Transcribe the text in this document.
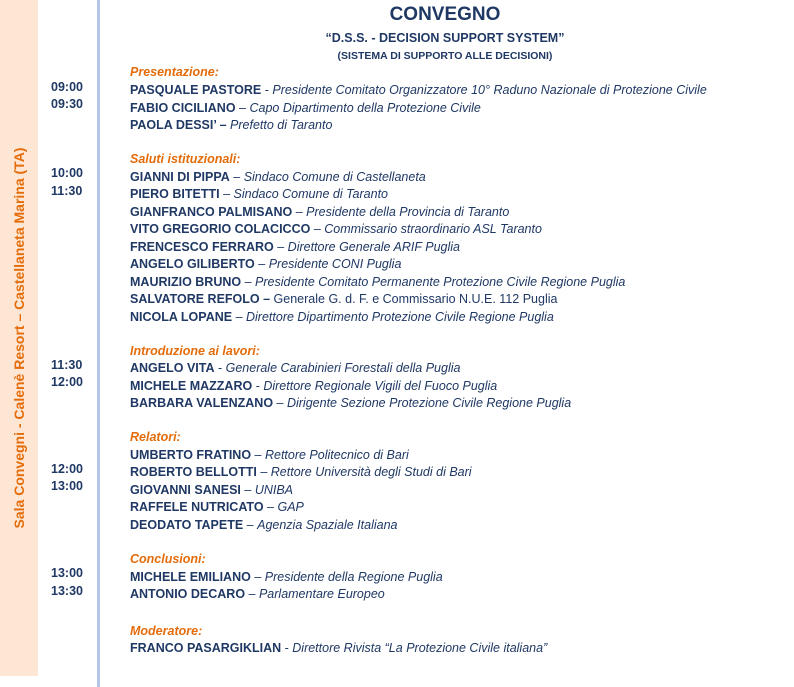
Sala Convegni - Calenè Resort – Castellaneta Marina (TA)
CONVEGNO
“D.S.S. - DECISION SUPPORT SYSTEM”
(SISTEMA DI SUPPORTO ALLE DECISIONI)
09:00
09:30
10:00
11:30
11:30
12:00
12:00
13:00
13:00
13:30
Presentazione:
PASQUALE PASTORE - Presidente Comitato Organizzatore 10° Raduno Nazionale di Protezione Civile
FABIO CICILIANO – Capo Dipartimento della Protezione Civile
PAOLA DESSI’ – Prefetto di Taranto
Saluti istituzionali:
GIANNI DI PIPPA – Sindaco Comune di Castellaneta
PIERO BITETTI – Sindaco Comune di Taranto
GIANFRANCO PALMISANO – Presidente della Provincia di Taranto
VITO GREGORIO COLACICCO – Commissario straordinario ASL Taranto
FRENCESCO FERRARO – Direttore Generale ARIF Puglia
ANGELO GILIBERTO – Presidente CONI Puglia
MAURIZIO BRUNO – Presidente Comitato Permanente Protezione Civile Regione Puglia
SALVATORE REFOLO – Generale G. d. F. e Commissario N.U.E. 112 Puglia
NICOLA LOPANE – Direttore Dipartimento Protezione Civile Regione Puglia
Introduzione ai lavori:
ANGELO VITA - Generale Carabinieri Forestali della Puglia
MICHELE MAZZARO - Direttore Regionale Vigili del Fuoco Puglia
BARBARA VALENZANO – Dirigente Sezione Protezione Civile Regione Puglia
Relatori:
UMBERTO FRATINO – Rettore Politecnico di Bari
ROBERTO BELLOTTI – Rettore Università degli Studi di Bari
GIOVANNI SANESI – UNIBA
RAFFELE NUTRICATO – GAP
DEODATO TAPETE – Agenzia Spaziale Italiana
Conclusioni:
MICHELE EMILIANO – Presidente della Regione Puglia
ANTONIO DECARO – Parlamentare Europeo
Moderatore:
FRANCO PASARGIKLIAN - Direttore Rivista “La Protezione Civile italiana”
